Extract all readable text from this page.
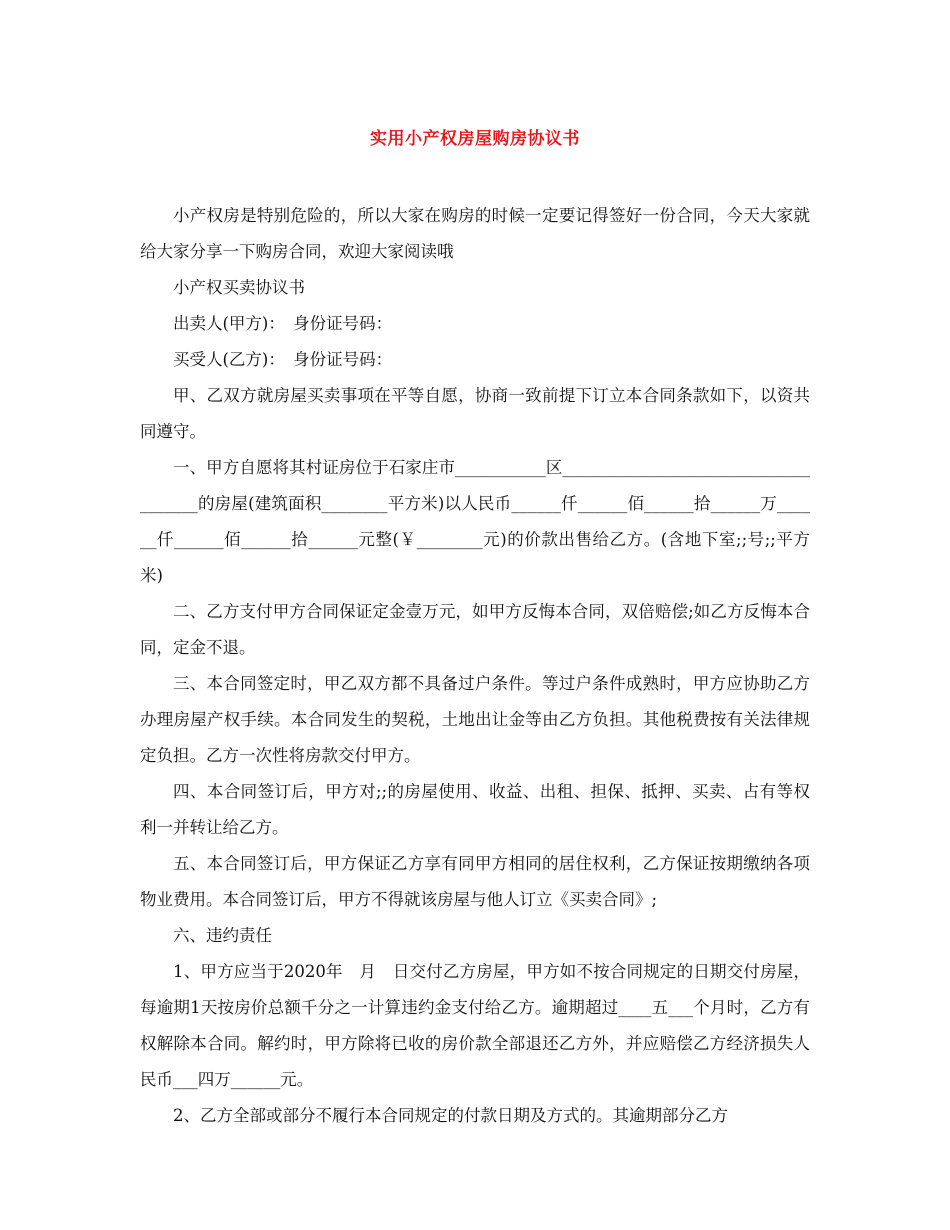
实用小产权房屋购房协议书

小产权房是特别危险的，所以大家在购房的时候一定要记得签好一份合同，今天大家就给大家分享一下购房合同，欢迎大家阅读哦

小产权买卖协议书

出卖人(甲方)：　身份证号码：

买受人(乙方)：　身份证号码：

甲、乙双方就房屋买卖事项在平等自愿，协商一致前提下订立本合同条款如下，以资共同遵守。

一、甲方自愿将其村证房位于石家庄市___________区_____________________________________的房屋(建筑面积________平方米)以人民币______仟______佰______拾______万______仟______佰______拾______元整(￥________元)的价款出售给乙方。(含地下室;;号;;平方米)

二、乙方支付甲方合同保证定金壹万元，如甲方反悔本合同，双倍赔偿;如乙方反悔本合同，定金不退。

三、本合同签定时，甲乙双方都不具备过户条件。等过户条件成熟时，甲方应协助乙方办理房屋产权手续。本合同发生的契税，土地出让金等由乙方负担。其他税费按有关法律规定负担。乙方一次性将房款交付甲方。

四、本合同签订后，甲方对;;的房屋使用、收益、出租、担保、抵押、买卖、占有等权利一并转让给乙方。

五、本合同签订后，甲方保证乙方享有同甲方相同的居住权利，乙方保证按期缴纳各项物业费用。本合同签订后，甲方不得就该房屋与他人订立《买卖合同》;

六、违约责任

1、甲方应当于2020年　月　日交付乙方房屋，甲方如不按合同规定的日期交付房屋，每逾期1天按房价总额千分之一计算违约金支付给乙方。逾期超过____五___个月时，乙方有权解除本合同。解约时，甲方除将已收的房价款全部退还乙方外，并应赔偿乙方经济损失人民币___四万______元。

2、乙方全部或部分不履行本合同规定的付款日期及方式的。其逾期部分乙方
